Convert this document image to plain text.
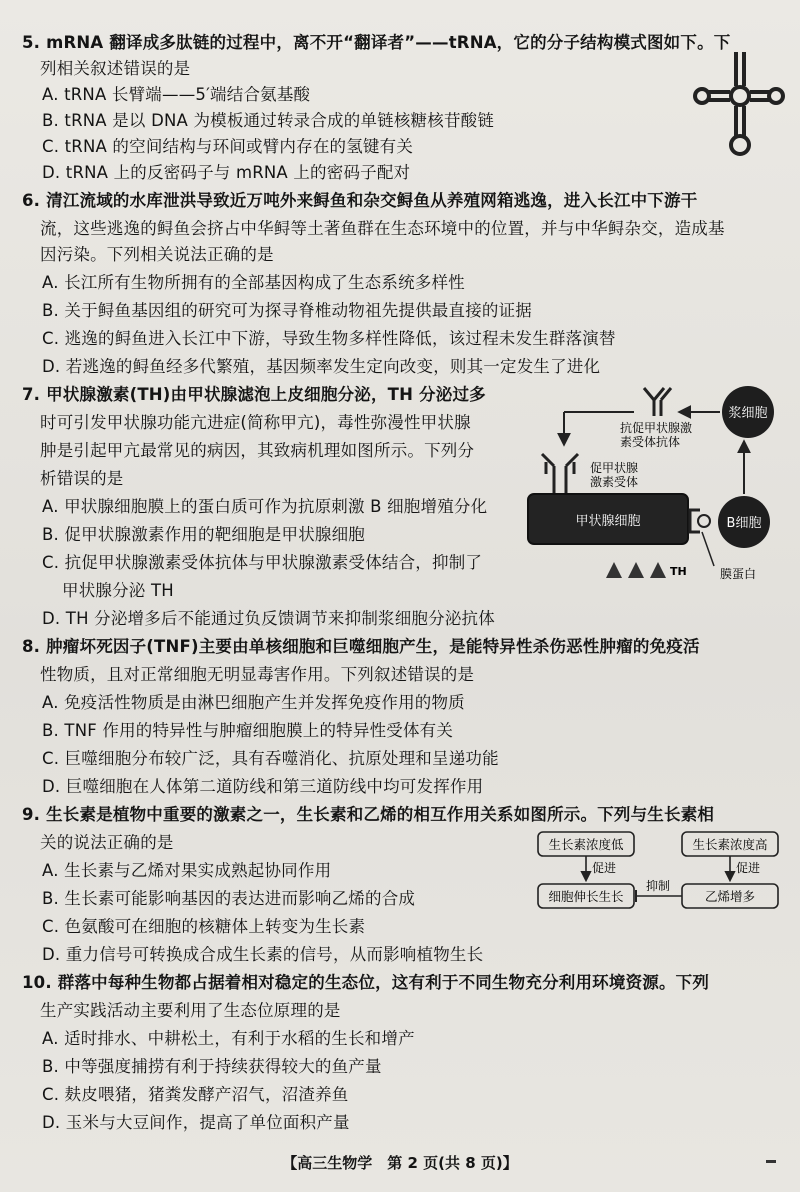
5. mRNA 翻译成多肽链的过程中，离不开“翻译者”——tRNA，它的分子结构模式图如下。下
列相关叙述错误的是
A. tRNA 长臂端——5′端结合氨基酸
B. tRNA 是以 DNA 为模板通过转录合成的单链核糖核苷酸链
C. tRNA 的空间结构与环间或臂内存在的氢键有关
D. tRNA 上的反密码子与 mRNA 上的密码子配对
6. 清江流域的水库泄洪导致近万吨外来鲟鱼和杂交鲟鱼从养殖网箱逃逸，进入长江中下游干
流，这些逃逸的鲟鱼会挤占中华鲟等土著鱼群在生态环境中的位置，并与中华鲟杂交，造成基
因污染。下列相关说法正确的是
A. 长江所有生物所拥有的全部基因构成了生态系统多样性
B. 关于鲟鱼基因组的研究可为探寻脊椎动物祖先提供最直接的证据
C. 逃逸的鲟鱼进入长江中下游，导致生物多样性降低，该过程未发生群落演替
D. 若逃逸的鲟鱼经多代繁殖，基因频率发生定向改变，则其一定发生了进化
7. 甲状腺激素(TH)由甲状腺滤泡上皮细胞分泌，TH 分泌过多
时可引发甲状腺功能亢进症(简称甲亢)，毒性弥漫性甲状腺
肿是引起甲亢最常见的病因，其致病机理如图所示。下列分
析错误的是
A. 甲状腺细胞膜上的蛋白质可作为抗原刺激 B 细胞增殖分化
B. 促甲状腺激素作用的靶细胞是甲状腺细胞
C. 抗促甲状腺激素受体抗体与甲状腺激素受体结合，抑制了
甲状腺分泌 TH
D. TH 分泌增多后不能通过负反馈调节来抑制浆细胞分泌抗体
浆细胞
抗促甲状腺激
素受体抗体
促甲状腺
激素受体
甲状腺细胞
膜蛋白
B细胞
TH
8. 肿瘤坏死因子(TNF)主要由单核细胞和巨噬细胞产生，是能特异性杀伤恶性肿瘤的免疫活
性物质，且对正常细胞无明显毒害作用。下列叙述错误的是
A. 免疫活性物质是由淋巴细胞产生并发挥免疫作用的物质
B. TNF 作用的特异性与肿瘤细胞膜上的特异性受体有关
C. 巨噬细胞分布较广泛，具有吞噬消化、抗原处理和呈递功能
D. 巨噬细胞在人体第二道防线和第三道防线中均可发挥作用
9. 生长素是植物中重要的激素之一，生长素和乙烯的相互作用关系如图所示。下列与生长素相
关的说法正确的是
A. 生长素与乙烯对果实成熟起协同作用
B. 生长素可能影响基因的表达进而影响乙烯的合成
C. 色氨酸可在细胞的核糖体上转变为生长素
D. 重力信号可转换成合成生长素的信号，从而影响植物生长
生长素浓度低	生长素浓度高
促进	促进
细胞伸长生长	乙烯增多
抑制
10. 群落中每种生物都占据着相对稳定的生态位，这有利于不同生物充分利用环境资源。下列
生产实践活动主要利用了生态位原理的是
A. 适时排水、中耕松土，有利于水稻的生长和增产
B. 中等强度捕捞有利于持续获得较大的鱼产量
C. 麸皮喂猪，猪粪发酵产沼气，沼渣养鱼
D. 玉米与大豆间作，提高了单位面积产量
【高三生物学　第 2 页(共 8 页)】
